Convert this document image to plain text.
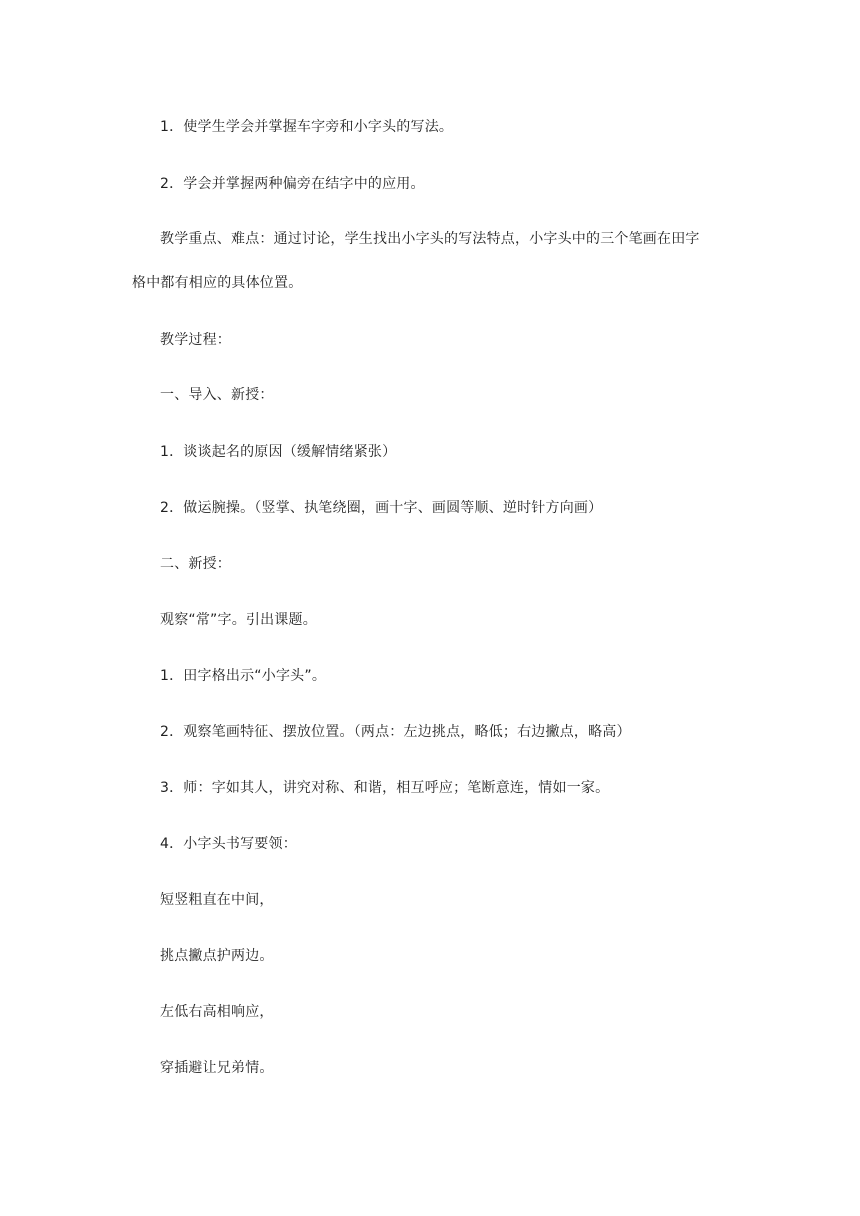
1．使学生学会并掌握车字旁和小字头的写法。
2．学会并掌握两种偏旁在结字中的应用。
教学重点、难点：通过讨论，学生找出小字头的写法特点，小字头中的三个笔画在田字
格中都有相应的具体位置。
教学过程：
一、导入、新授：
1．谈谈起名的原因（缓解情绪紧张）
2．做运腕操。（竖掌、执笔绕圈，画十字、画圆等顺、逆时针方向画）
二、新授：
观察“常”字。引出课题。
1．田字格出示“小字头”。
2．观察笔画特征、摆放位置。（两点：左边挑点，略低；右边撇点，略高）
3．师：字如其人，讲究对称、和谐，相互呼应；笔断意连，情如一家。
4．小字头书写要领：
短竖粗直在中间，
挑点撇点护两边。
左低右高相响应，
穿插避让兄弟情。
